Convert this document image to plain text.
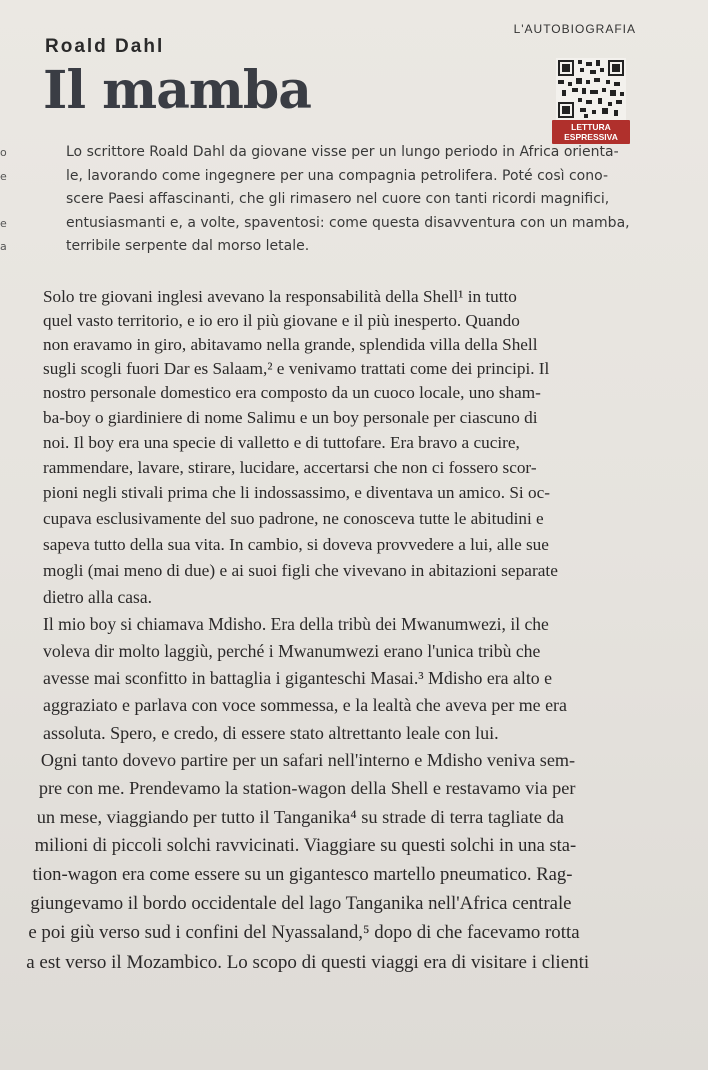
L'AUTOBIOGRAFIA
Roald Dahl
Il mamba
LETTURA
ESPRESSIVA
o
e

e
a
Lo scrittore Roald Dahl da giovane visse per un lungo periodo in Africa orienta-
le, lavorando come ingegnere per una compagnia petrolifera. Poté così cono-
scere Paesi affascinanti, che gli rimasero nel cuore con tanti ricordi magnifici,
entusiasmanti e, a volte, spaventosi: come questa disavventura con un mamba,
terribile serpente dal morso letale.
Solo tre giovani inglesi avevano la responsabilità della Shell¹ in tutto
quel vasto territorio, e io ero il più giovane e il più inesperto. Quando
non eravamo in giro, abitavamo nella grande, splendida villa della Shell
sugli scogli fuori Dar es Salaam,² e venivamo trattati come dei principi. Il
nostro personale domestico era composto da un cuoco locale, uno sham-
ba-boy o giardiniere di nome Salimu e un boy personale per ciascuno di
noi. Il boy era una specie di valletto e di tuttofare. Era bravo a cucire,
rammendare, lavare, stirare, lucidare, accertarsi che non ci fossero scor-
pioni negli stivali prima che li indossassimo, e diventava un amico. Si oc-
cupava esclusivamente del suo padrone, ne conosceva tutte le abitudini e
sapeva tutto della sua vita. In cambio, si doveva provvedere a lui, alle sue
mogli (mai meno di due) e ai suoi figli che vivevano in abitazioni separate
dietro alla casa.
Il mio boy si chiamava Mdisho. Era della tribù dei Mwanumwezi, il che
voleva dir molto laggiù, perché i Mwanumwezi erano l'unica tribù che
avesse mai sconfitto in battaglia i giganteschi Masai.³ Mdisho era alto e
aggraziato e parlava con voce sommessa, e la lealtà che aveva per me era
assoluta. Spero, e credo, di essere stato altrettanto leale con lui.
Ogni tanto dovevo partire per un safari nell'interno e Mdisho veniva sem-
pre con me. Prendevamo la station-wagon della Shell e restavamo via per
un mese, viaggiando per tutto il Tanganika⁴ su strade di terra tagliate da
milioni di piccoli solchi ravvicinati. Viaggiare su questi solchi in una sta-
tion-wagon era come essere su un gigantesco martello pneumatico. Rag-
giungevamo il bordo occidentale del lago Tanganika nell'Africa centrale
e poi giù verso sud i confini del Nyassaland,⁵ dopo di che facevamo rotta
a est verso il Mozambico. Lo scopo di questi viaggi era di visitare i clienti
